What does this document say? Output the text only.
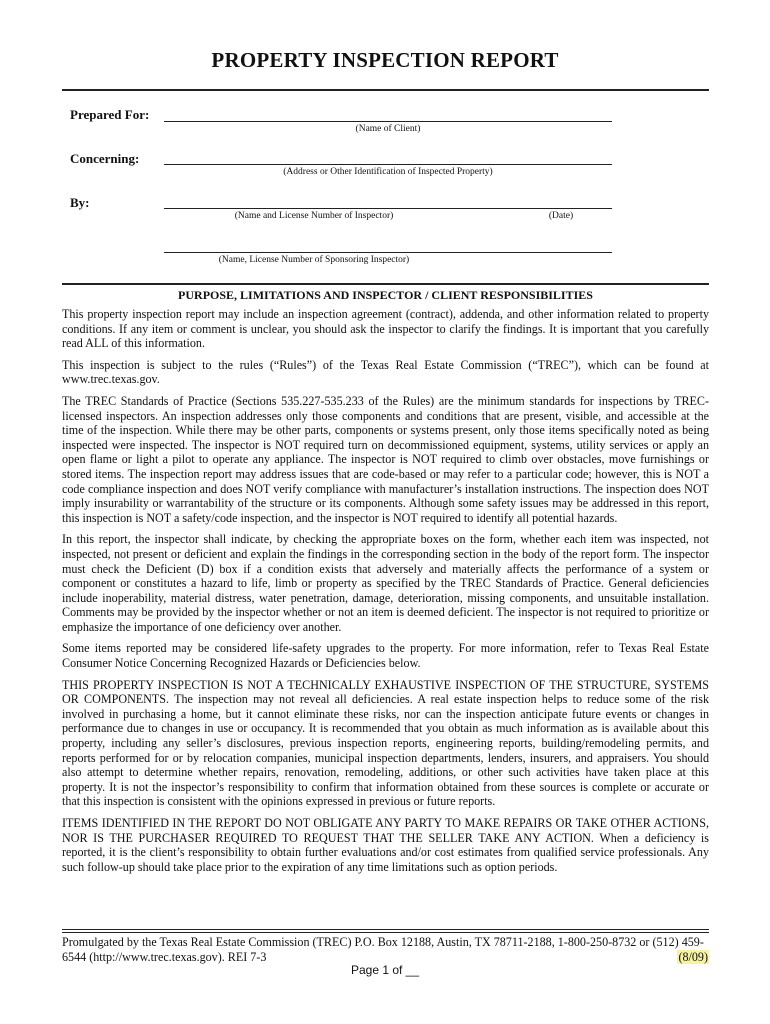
PROPERTY INSPECTION REPORT
Prepared For:
(Name of Client)
Concerning:
(Address or Other Identification of Inspected Property)
By:
(Name and License Number of Inspector)	(Date)
(Name, License Number of Sponsoring Inspector)
PURPOSE, LIMITATIONS AND INSPECTOR / CLIENT RESPONSIBILITIES

This property inspection report may include an inspection agreement (contract), addenda, and other information related to property conditions. If any item or comment is unclear, you should ask the inspector to clarify the findings. It is important that you carefully read ALL of this information.

This inspection is subject to the rules (“Rules”) of the Texas Real Estate Commission (“TREC”), which can be found at www.trec.texas.gov.

The TREC Standards of Practice (Sections 535.227-535.233 of the Rules) are the minimum standards for inspections by TREC-licensed inspectors. An inspection addresses only those components and conditions that are present, visible, and accessible at the time of the inspection. While there may be other parts, components or systems present, only those items specifically noted as being inspected were inspected. The inspector is NOT required turn on decommissioned equipment, systems, utility services or apply an open flame or light a pilot to operate any appliance. The inspector is NOT required to climb over obstacles, move furnishings or stored items. The inspection report may address issues that are code-based or may refer to a particular code; however, this is NOT a code compliance inspection and does NOT verify compliance with manufacturer’s installation instructions. The inspection does NOT imply insurability or warrantability of the structure or its components. Although some safety issues may be addressed in this report, this inspection is NOT a safety/code inspection, and the inspector is NOT required to identify all potential hazards.

In this report, the inspector shall indicate, by checking the appropriate boxes on the form, whether each item was inspected, not inspected, not present or deficient and explain the findings in the corresponding section in the body of the report form. The inspector must check the Deficient (D) box if a condition exists that adversely and materially affects the performance of a system or component or constitutes a hazard to life, limb or property as specified by the TREC Standards of Practice. General deficiencies include inoperability, material distress, water penetration, damage, deterioration, missing components, and unsuitable installation. Comments may be provided by the inspector whether or not an item is deemed deficient. The inspector is not required to prioritize or emphasize the importance of one deficiency over another.

Some items reported may be considered life-safety upgrades to the property. For more information, refer to Texas Real Estate Consumer Notice Concerning Recognized Hazards or Deficiencies below.

THIS PROPERTY INSPECTION IS NOT A TECHNICALLY EXHAUSTIVE INSPECTION OF THE STRUCTURE, SYSTEMS OR COMPONENTS. The inspection may not reveal all deficiencies. A real estate inspection helps to reduce some of the risk involved in purchasing a home, but it cannot eliminate these risks, nor can the inspection anticipate future events or changes in performance due to changes in use or occupancy. It is recommended that you obtain as much information as is available about this property, including any seller’s disclosures, previous inspection reports, engineering reports, building/remodeling permits, and reports performed for or by relocation companies, municipal inspection departments, lenders, insurers, and appraisers. You should also attempt to determine whether repairs, renovation, remodeling, additions, or other such activities have taken place at this property. It is not the inspector’s responsibility to confirm that information obtained from these sources is complete or accurate or that this inspection is consistent with the opinions expressed in previous or future reports.

ITEMS IDENTIFIED IN THE REPORT DO NOT OBLIGATE ANY PARTY TO MAKE REPAIRS OR TAKE OTHER ACTIONS, NOR IS THE PURCHASER REQUIRED TO REQUEST THAT THE SELLER TAKE ANY ACTION. When a deficiency is reported, it is the client’s responsibility to obtain further evaluations and/or cost estimates from qualified service professionals. Any such follow-up should take place prior to the expiration of any time limitations such as option periods.

Promulgated by the Texas Real Estate Commission (TREC) P.O. Box 12188, Austin, TX 78711-2188, 1-800-250-8732 or (512) 459-6544 (http://www.trec.texas.gov). REI 7-3	(8/09)
Page 1 of __
